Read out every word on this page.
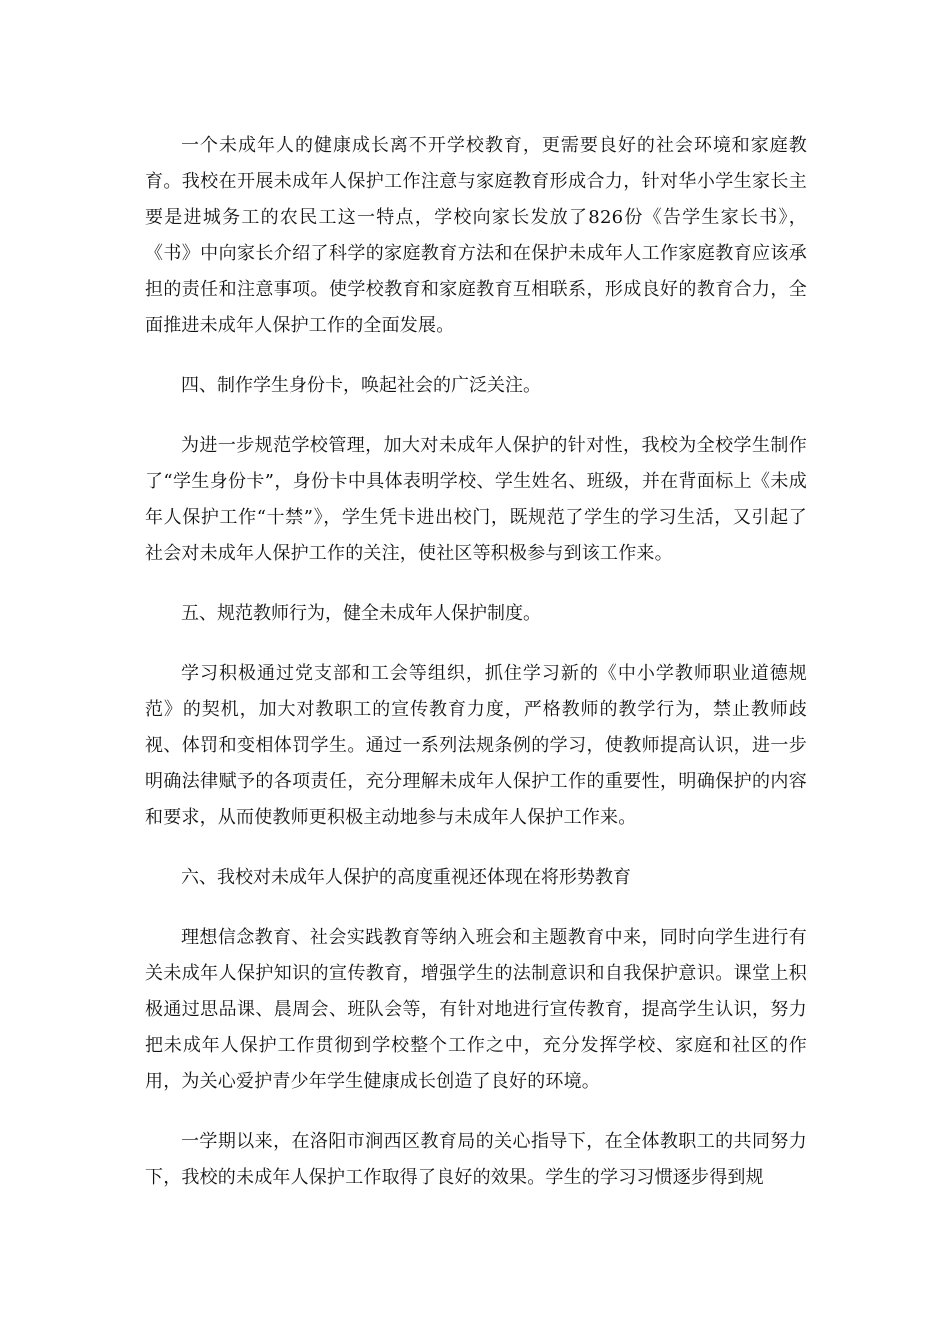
一个未成年人的健康成长离不开学校教育，更需要良好的社会环境和家庭教育。我校在开展未成年人保护工作注意与家庭教育形成合力，针对华小学生家长主要是进城务工的农民工这一特点，学校向家长发放了826份《告学生家长书》，《书》中向家长介绍了科学的家庭教育方法和在保护未成年人工作家庭教育应该承担的责任和注意事项。使学校教育和家庭教育互相联系，形成良好的教育合力，全面推进未成年人保护工作的全面发展。

四、制作学生身份卡，唤起社会的广泛关注。

为进一步规范学校管理，加大对未成年人保护的针对性，我校为全校学生制作了“学生身份卡”，身份卡中具体表明学校、学生姓名、班级，并在背面标上《未成年人保护工作“十禁”》，学生凭卡进出校门，既规范了学生的学习生活，又引起了社会对未成年人保护工作的关注，使社区等积极参与到该工作来。

五、规范教师行为，健全未成年人保护制度。

学习积极通过党支部和工会等组织，抓住学习新的《中小学教师职业道德规范》的契机，加大对教职工的宣传教育力度，严格教师的教学行为，禁止教师歧视、体罚和变相体罚学生。通过一系列法规条例的学习，使教师提高认识，进一步明确法律赋予的各项责任，充分理解未成年人保护工作的重要性，明确保护的内容和要求，从而使教师更积极主动地参与未成年人保护工作来。

六、我校对未成年人保护的高度重视还体现在将形势教育

理想信念教育、社会实践教育等纳入班会和主题教育中来，同时向学生进行有关未成年人保护知识的宣传教育，增强学生的法制意识和自我保护意识。课堂上积极通过思品课、晨周会、班队会等，有针对地进行宣传教育，提高学生认识，努力把未成年人保护工作贯彻到学校整个工作之中，充分发挥学校、家庭和社区的作用，为关心爱护青少年学生健康成长创造了良好的环境。

一学期以来，在洛阳市涧西区教育局的关心指导下，在全体教职工的共同努力下，我校的未成年人保护工作取得了良好的效果。学生的学习习惯逐步得到规
